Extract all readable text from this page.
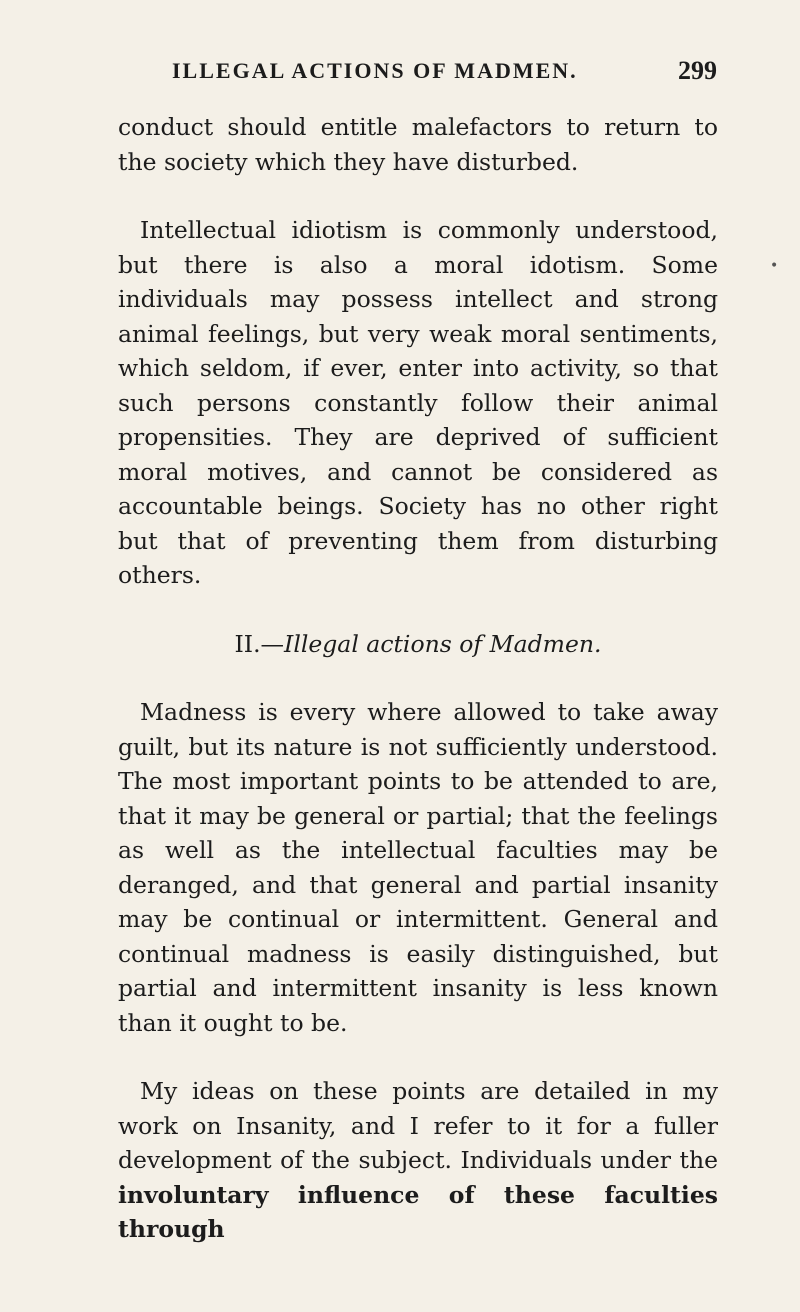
ILLEGAL ACTIONS OF MADMEN.	299

conduct should entitle malefactors to return to the society which they have disturbed.

Intellectual idiotism is commonly understood, but there is also a moral idotism. Some individuals may possess intellect and strong animal feelings, but very weak moral sentiments, which seldom, if ever, enter into activity, so that such persons constantly follow their animal propensities. They are deprived of sufficient moral motives, and cannot be considered as accountable beings. Society has no other right but that of preventing them from disturbing others.

II.—Illegal actions of Madmen.

Madness is every where allowed to take away guilt, but its nature is not sufficiently understood. The most important points to be attended to are, that it may be general or partial; that the feelings as well as the intellectual faculties may be deranged, and that general and partial insanity may be continual or intermittent. General and continual madness is easily distinguished, but partial and intermittent insanity is less known than it ought to be.

My ideas on these points are detailed in my work on Insanity, and I refer to it for a fuller development of the subject. Individuals under the involuntary influence of these faculties through

•
